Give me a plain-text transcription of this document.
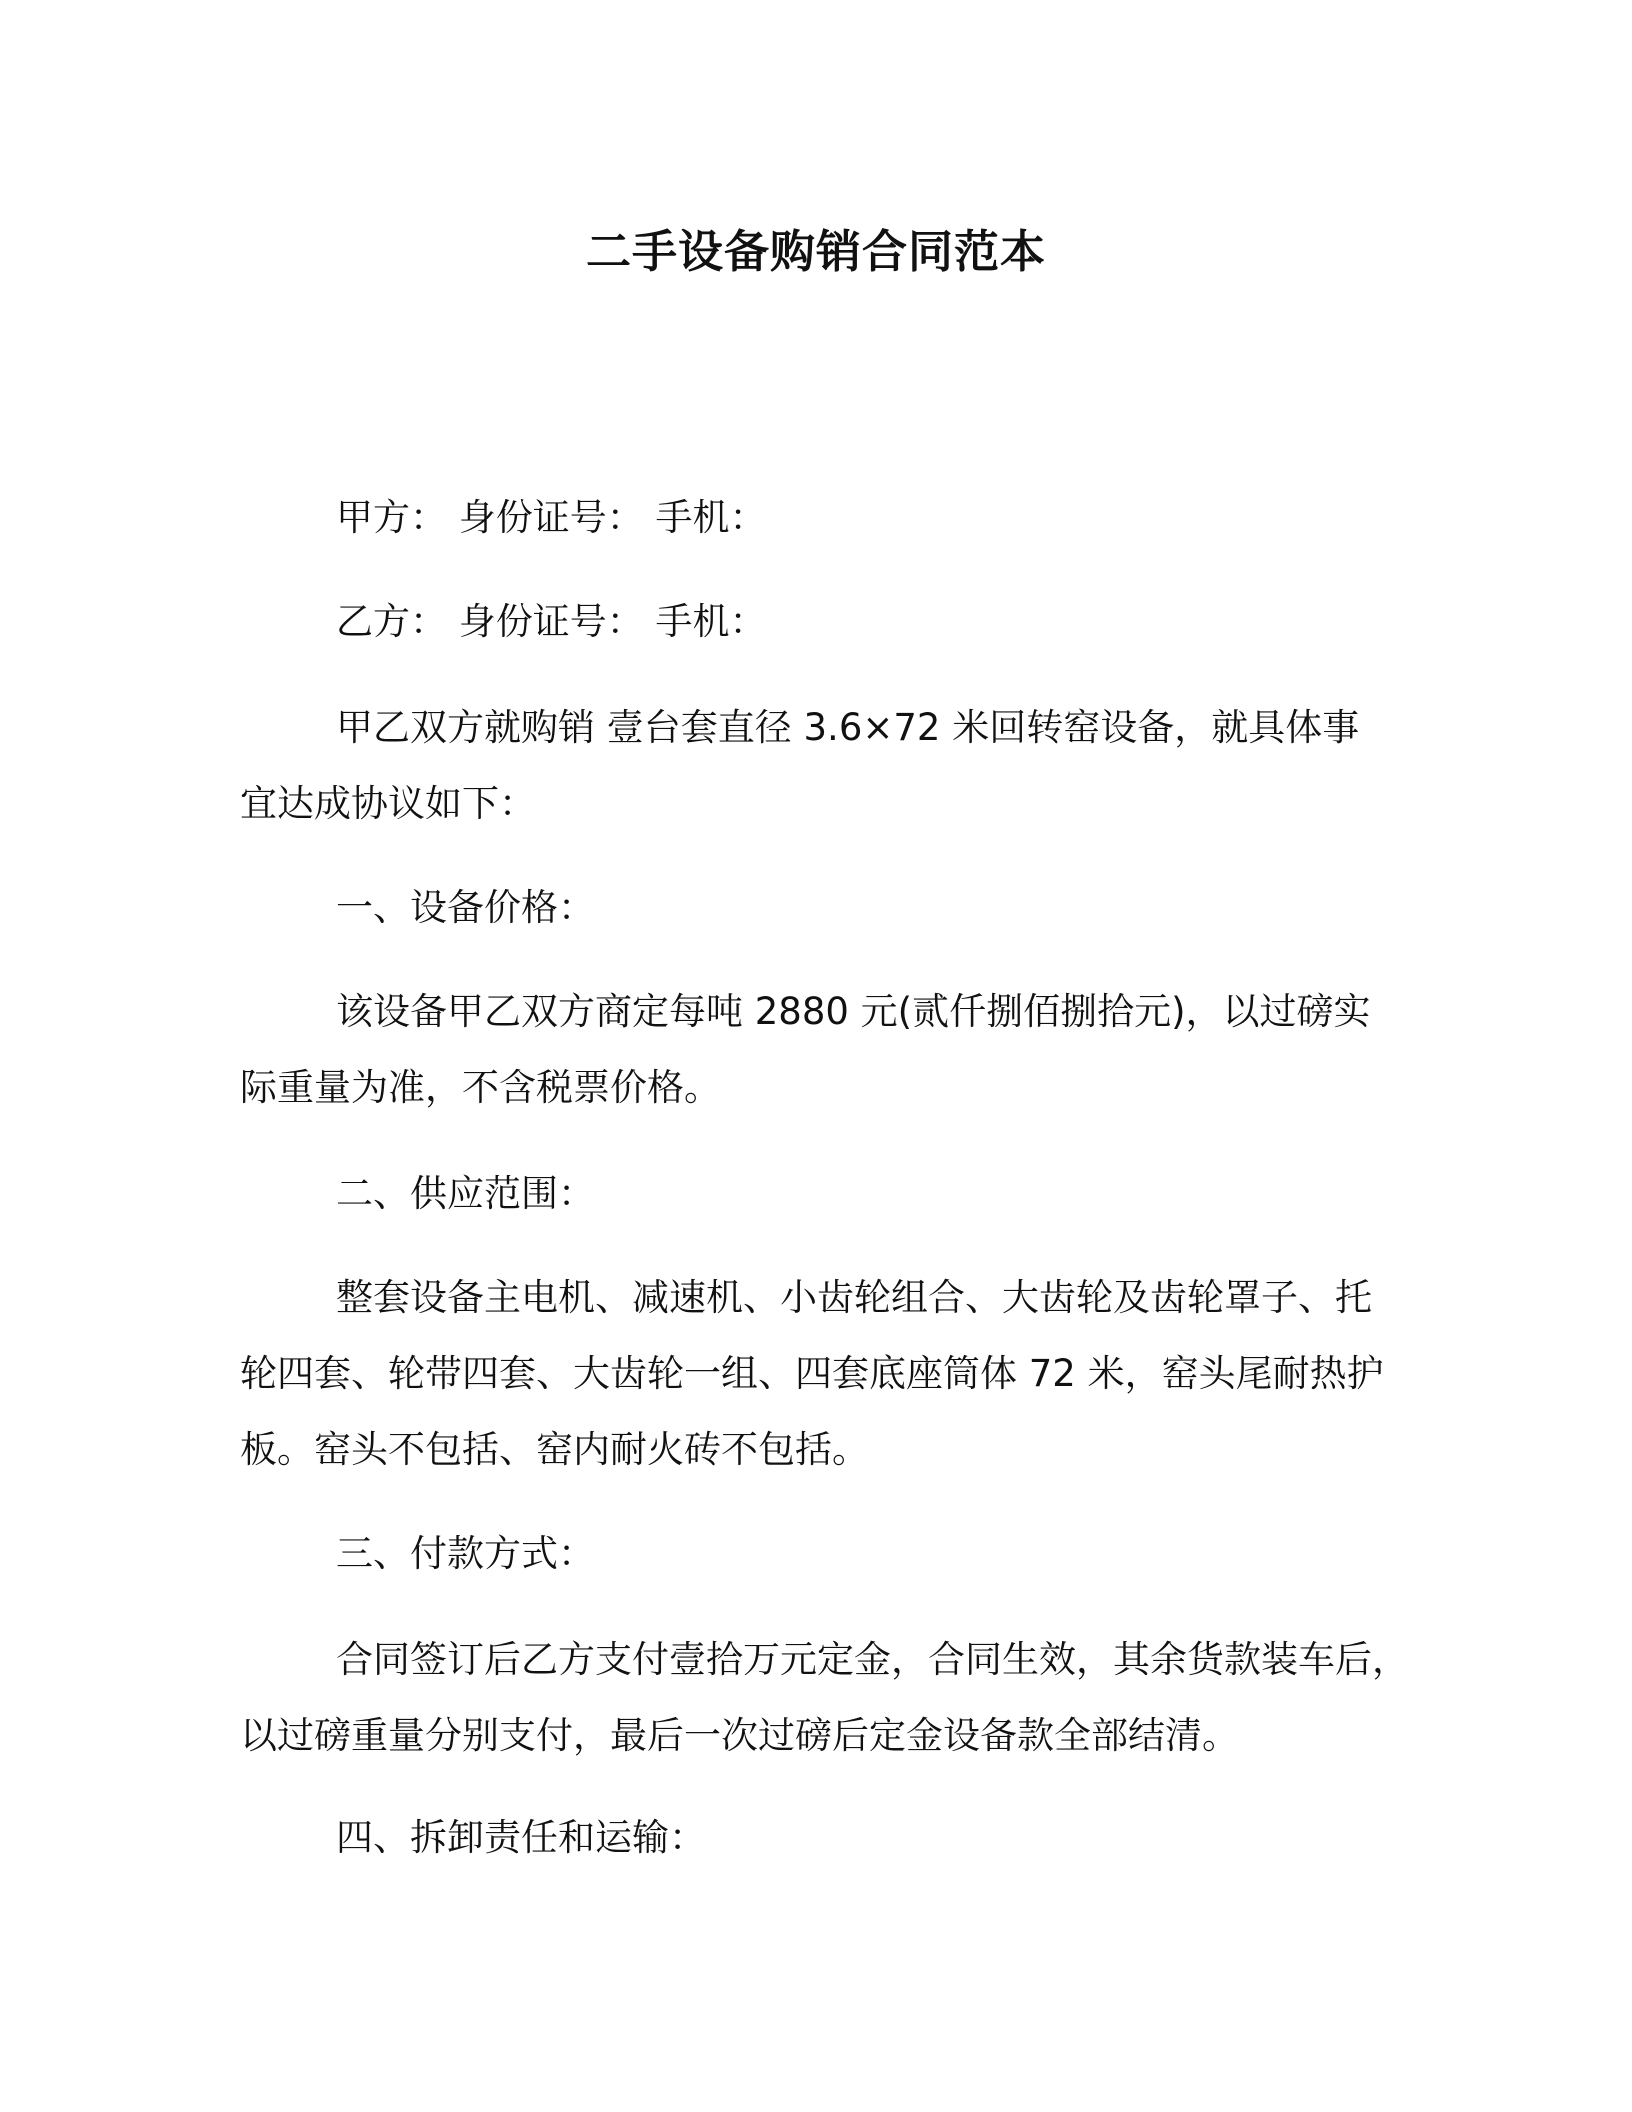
二手设备购销合同范本

甲方： 身份证号： 手机：

乙方： 身份证号： 手机：

甲乙双方就购销 壹台套直径 3.6×72 米回转窑设备，就具体事
宜达成协议如下：

一、设备价格：

该设备甲乙双方商定每吨 2880 元(贰仟捌佰捌拾元)，以过磅实
际重量为准，不含税票价格。

二、供应范围：

整套设备主电机、减速机、小齿轮组合、大齿轮及齿轮罩子、托
轮四套、轮带四套、大齿轮一组、四套底座筒体 72 米，窑头尾耐热护
板。窑头不包括、窑内耐火砖不包括。

三、付款方式：

合同签订后乙方支付壹拾万元定金，合同生效，其余货款装车后，
以过磅重量分别支付，最后一次过磅后定金设备款全部结清。

四、拆卸责任和运输：
